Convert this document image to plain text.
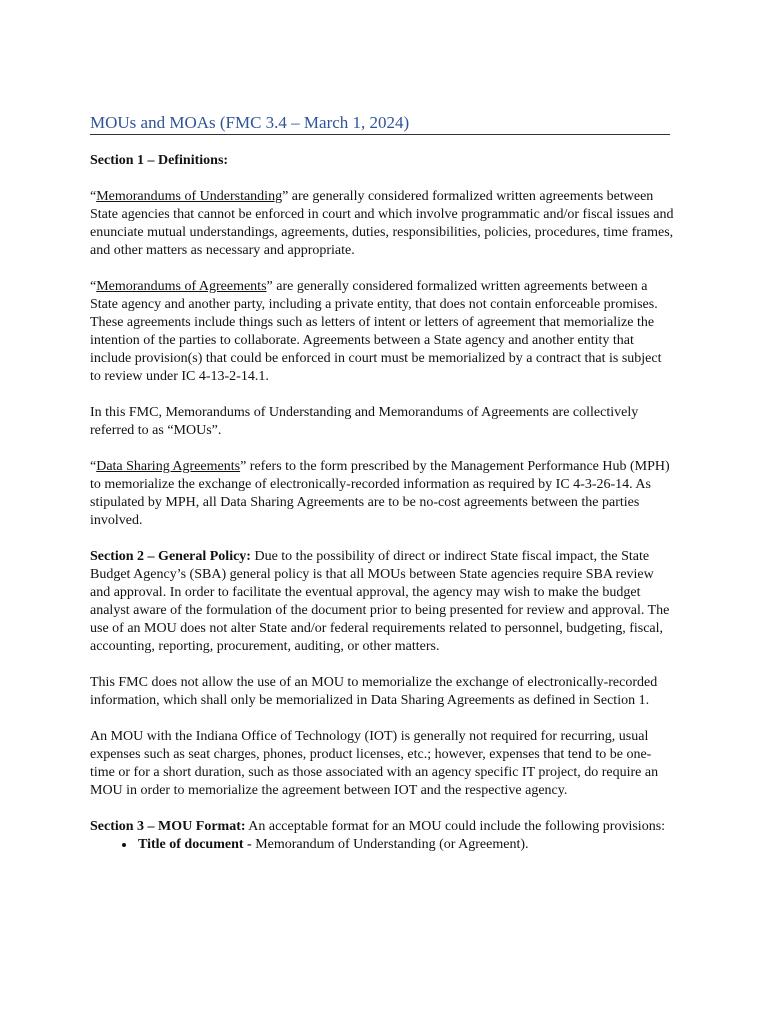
MOUs and MOAs (FMC 3.4 – March 1, 2024)

Section 1 – Definitions:

“Memorandums of Understanding” are generally considered formalized written agreements between State agencies that cannot be enforced in court and which involve programmatic and/or fiscal issues and enunciate mutual understandings, agreements, duties, responsibilities, policies, procedures, time frames, and other matters as necessary and appropriate.

“Memorandums of Agreements” are generally considered formalized written agreements between a State agency and another party, including a private entity, that does not contain enforceable promises. These agreements include things such as letters of intent or letters of agreement that memorialize the intention of the parties to collaborate. Agreements between a State agency and another entity that include provision(s) that could be enforced in court must be memorialized by a contract that is subject to review under IC 4-13-2-14.1.

In this FMC, Memorandums of Understanding and Memorandums of Agreements are collectively referred to as “MOUs”.

“Data Sharing Agreements” refers to the form prescribed by the Management Performance Hub (MPH) to memorialize the exchange of electronically-recorded information as required by IC 4-3-26-14. As stipulated by MPH, all Data Sharing Agreements are to be no-cost agreements between the parties involved.

Section 2 – General Policy: Due to the possibility of direct or indirect State fiscal impact, the State Budget Agency’s (SBA) general policy is that all MOUs between State agencies require SBA review and approval. In order to facilitate the eventual approval, the agency may wish to make the budget analyst aware of the formulation of the document prior to being presented for review and approval. The use of an MOU does not alter State and/or federal requirements related to personnel, budgeting, fiscal, accounting, reporting, procurement, auditing, or other matters.

This FMC does not allow the use of an MOU to memorialize the exchange of electronically-recorded information, which shall only be memorialized in Data Sharing Agreements as defined in Section 1.

An MOU with the Indiana Office of Technology (IOT) is generally not required for recurring, usual expenses such as seat charges, phones, product licenses, etc.; however, expenses that tend to be one-time or for a short duration, such as those associated with an agency specific IT project, do require an MOU in order to memorialize the agreement between IOT and the respective agency.

Section 3 – MOU Format: An acceptable format for an MOU could include the following provisions:

• Title of document - Memorandum of Understanding (or Agreement).
